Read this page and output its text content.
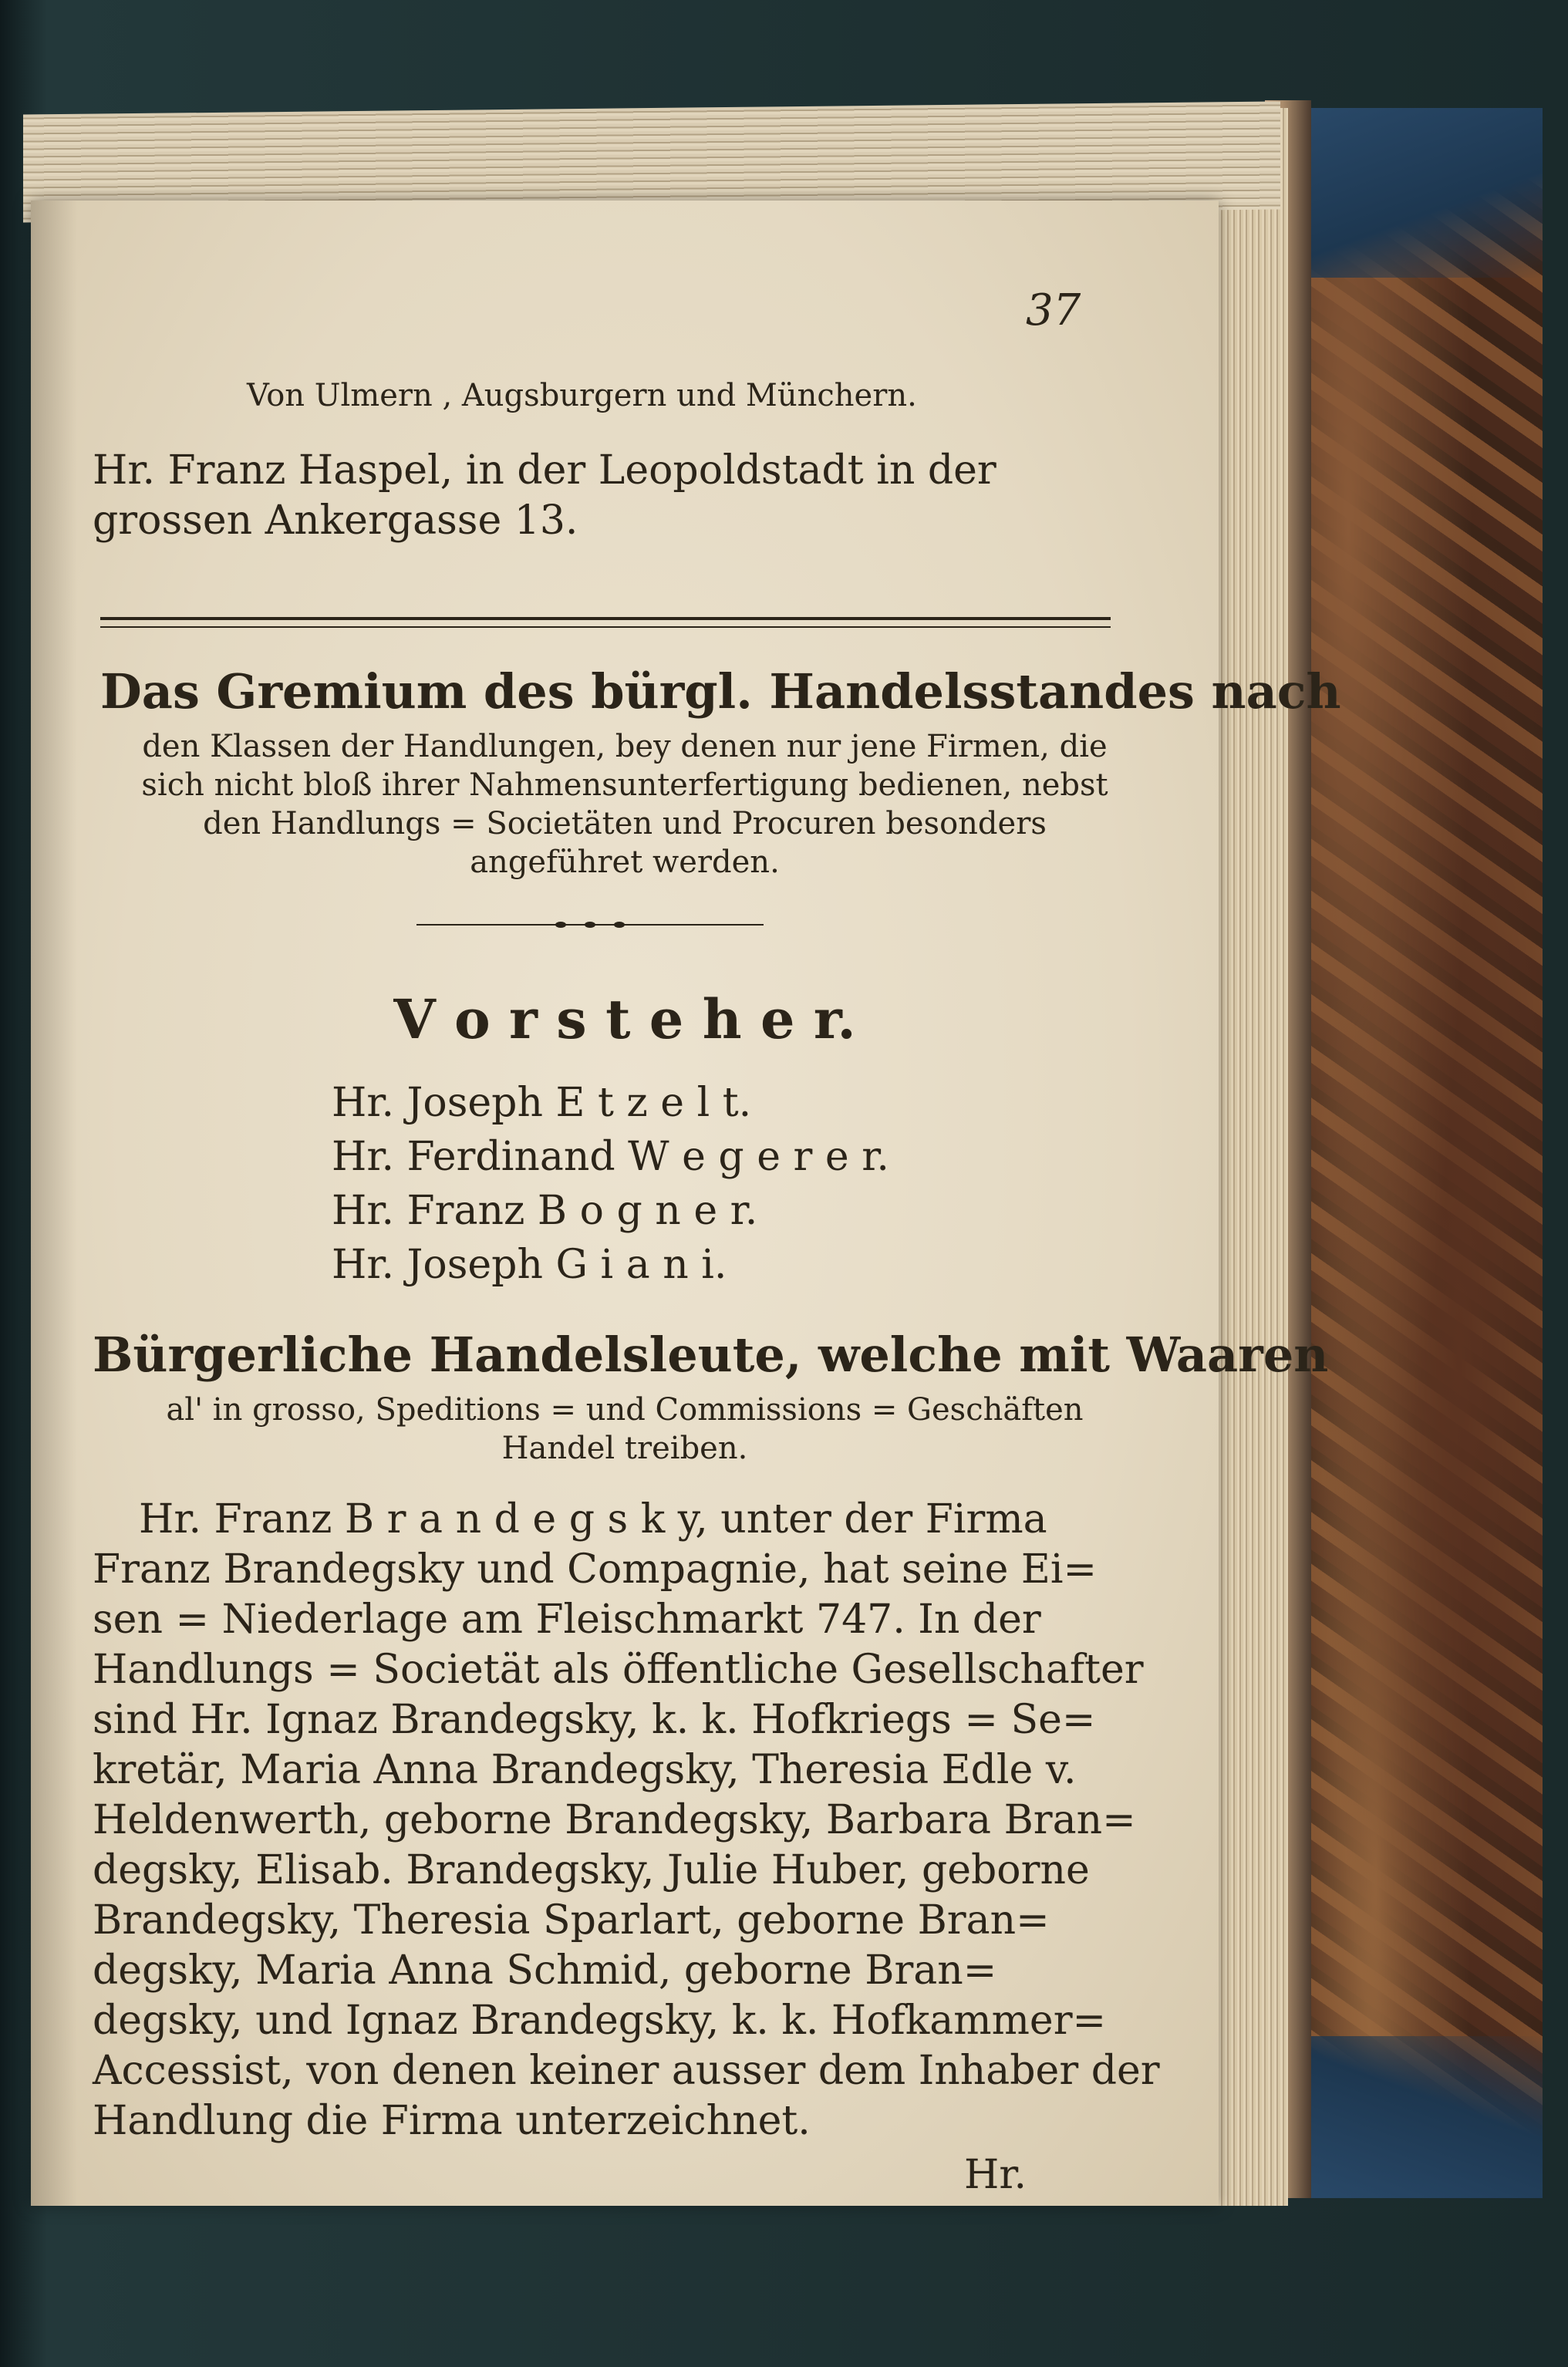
37
Von Ulmern , Augsburgern und Münchern.
Hr. Franz Haspel, in der Leopoldstadt in der
grossen Ankergasse 13.
Das Gremium des bürgl. Handelsstandes nach
den Klassen der Handlungen, bey denen nur jene Firmen, die
sich nicht bloß ihrer Nahmensunterfertigung bedienen, nebst
den Handlungs = Societäten und Procuren besonders
angeführet werden.
V o r s t e h e r.
Hr. Joseph E t z e l t.
Hr. Ferdinand W e g e r e r.
Hr. Franz B o g n e r.
Hr. Joseph G i a n i.
Bürgerliche Handelsleute, welche mit Waaren
al' in grosso, Speditions = und Commissions = Geschäften
Handel treiben.
Hr. Franz B r a n d e g s k y, unter der Firma
Franz Brandegsky und Compagnie, hat seine Ei=
sen = Niederlage am Fleischmarkt 747. In der
Handlungs = Societät als öffentliche Gesellschafter
sind Hr. Ignaz Brandegsky, k. k. Hofkriegs = Se=
kretär, Maria Anna Brandegsky, Theresia Edle v.
Heldenwerth, geborne Brandegsky, Barbara Bran=
degsky, Elisab. Brandegsky, Julie Huber, geborne
Brandegsky, Theresia Sparlart, geborne Bran=
degsky, Maria Anna Schmid, geborne Bran=
degsky, und Ignaz Brandegsky, k. k. Hofkammer=
Accessist, von denen keiner ausser dem Inhaber der
Handlung die Firma unterzeichnet.
Hr.
